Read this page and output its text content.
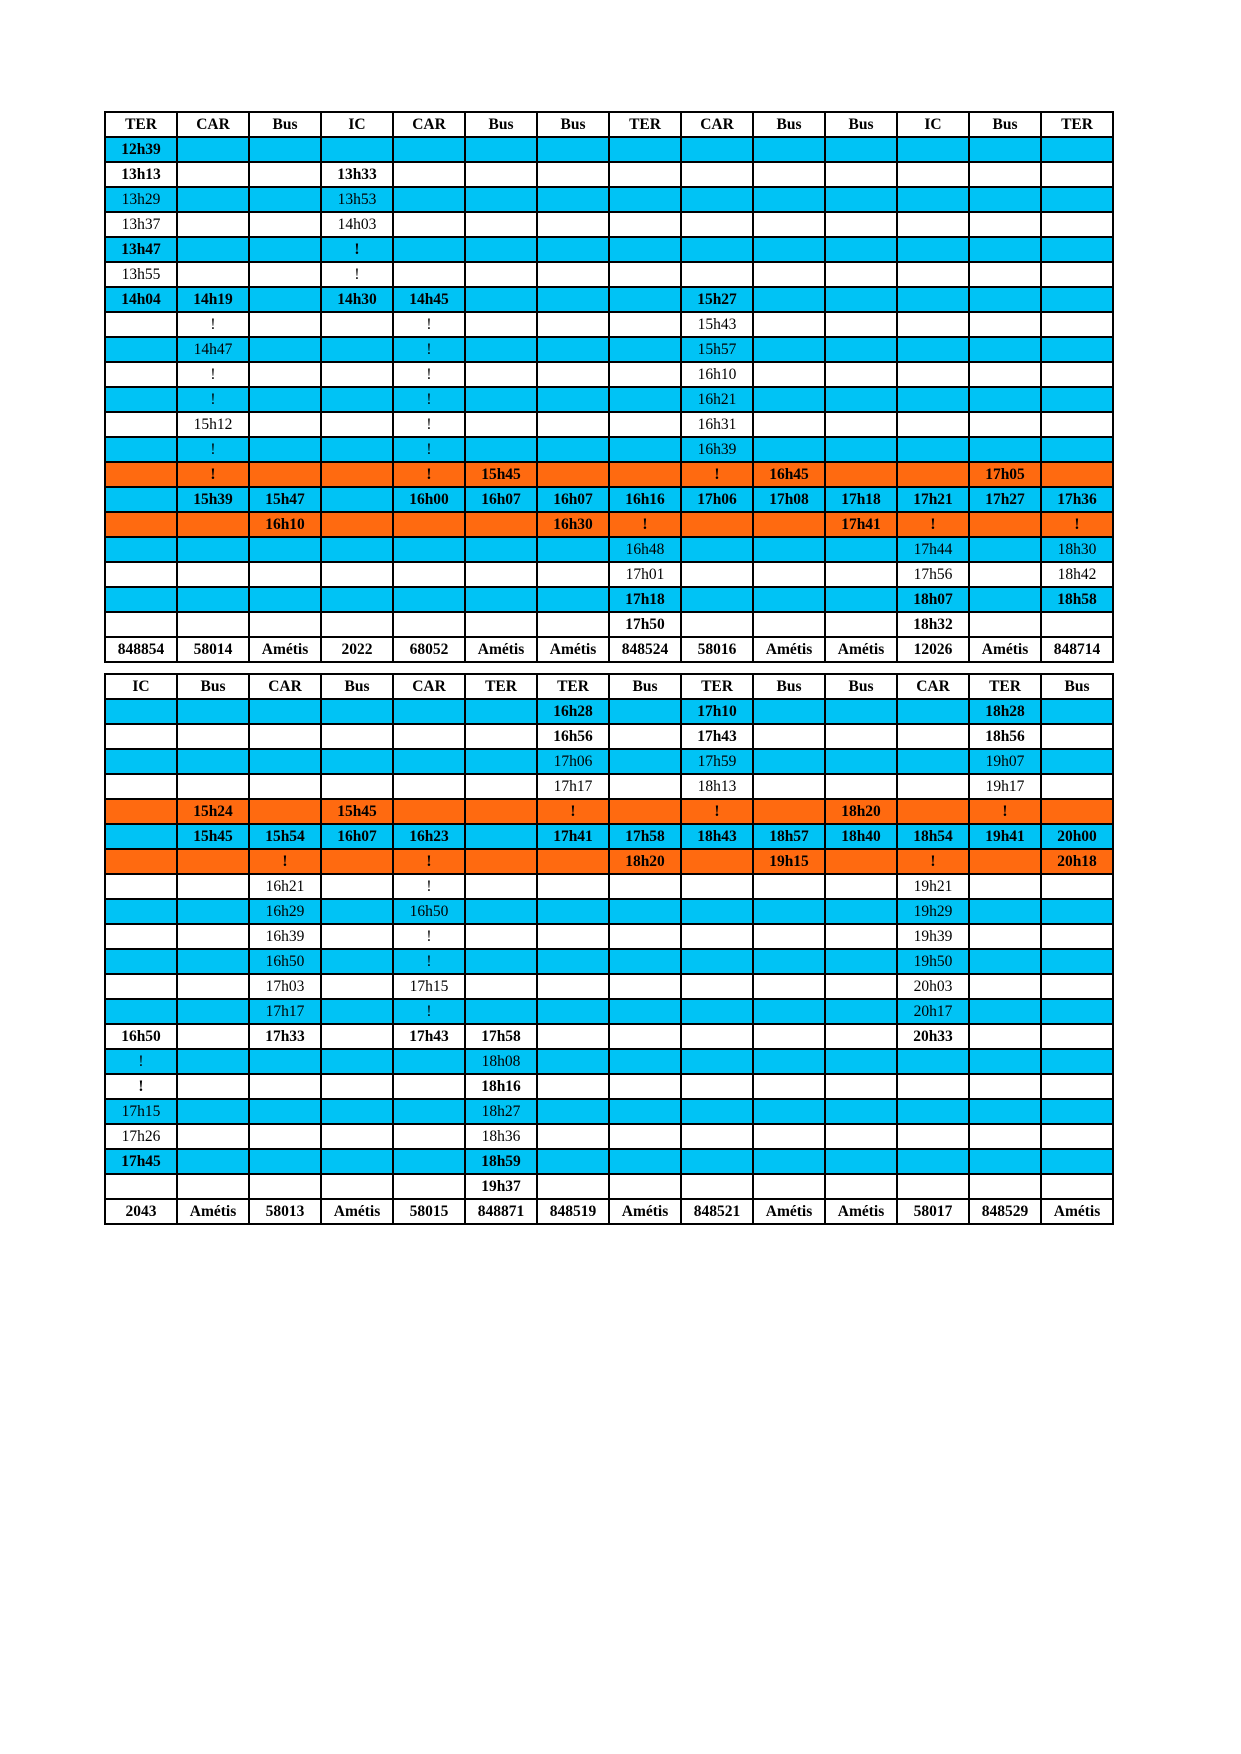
TER	CAR	Bus	IC	CAR	Bus	Bus	TER	CAR	Bus	Bus	IC	Bus	TER
12h39													
13h13			13h33										
13h29			13h53										
13h37			14h03										
13h47			!										
13h55			!										
14h04	14h19		14h30	14h45				15h27					
	!			!				15h43					
	14h47			!				15h57					
	!			!				16h10					
	!			!				16h21					
	15h12			!				16h31					
	!			!				16h39					
	!			!	15h45			!	16h45			17h05	
	15h39	15h47		16h00	16h07	16h07	16h16	17h06	17h08	17h18	17h21	17h27	17h36
		16h10				16h30	!			17h41	!		!
							16h48				17h44		18h30
							17h01				17h56		18h42
							17h18				18h07		18h58
							17h50				18h32		
848854	58014	Amétis	2022	68052	Amétis	Amétis	848524	58016	Amétis	Amétis	12026	Amétis	848714
IC	Bus	CAR	Bus	CAR	TER	TER	Bus	TER	Bus	Bus	CAR	TER	Bus
						16h28		17h10				18h28	
						16h56		17h43				18h56	
						17h06		17h59				19h07	
						17h17		18h13				19h17	
	15h24		15h45			!		!		18h20		!	
	15h45	15h54	16h07	16h23		17h41	17h58	18h43	18h57	18h40	18h54	19h41	20h00
		!		!			18h20		19h15		!		20h18
		16h21		!							19h21		
		16h29		16h50							19h29		
		16h39		!							19h39		
		16h50		!							19h50		
		17h03		17h15							20h03		
		17h17		!							20h17		
16h50		17h33		17h43	17h58						20h33		
!					18h08								
!					18h16								
17h15					18h27								
17h26					18h36								
17h45					18h59								
					19h37								
2043	Amétis	58013	Amétis	58015	848871	848519	Amétis	848521	Amétis	Amétis	58017	848529	Amétis
